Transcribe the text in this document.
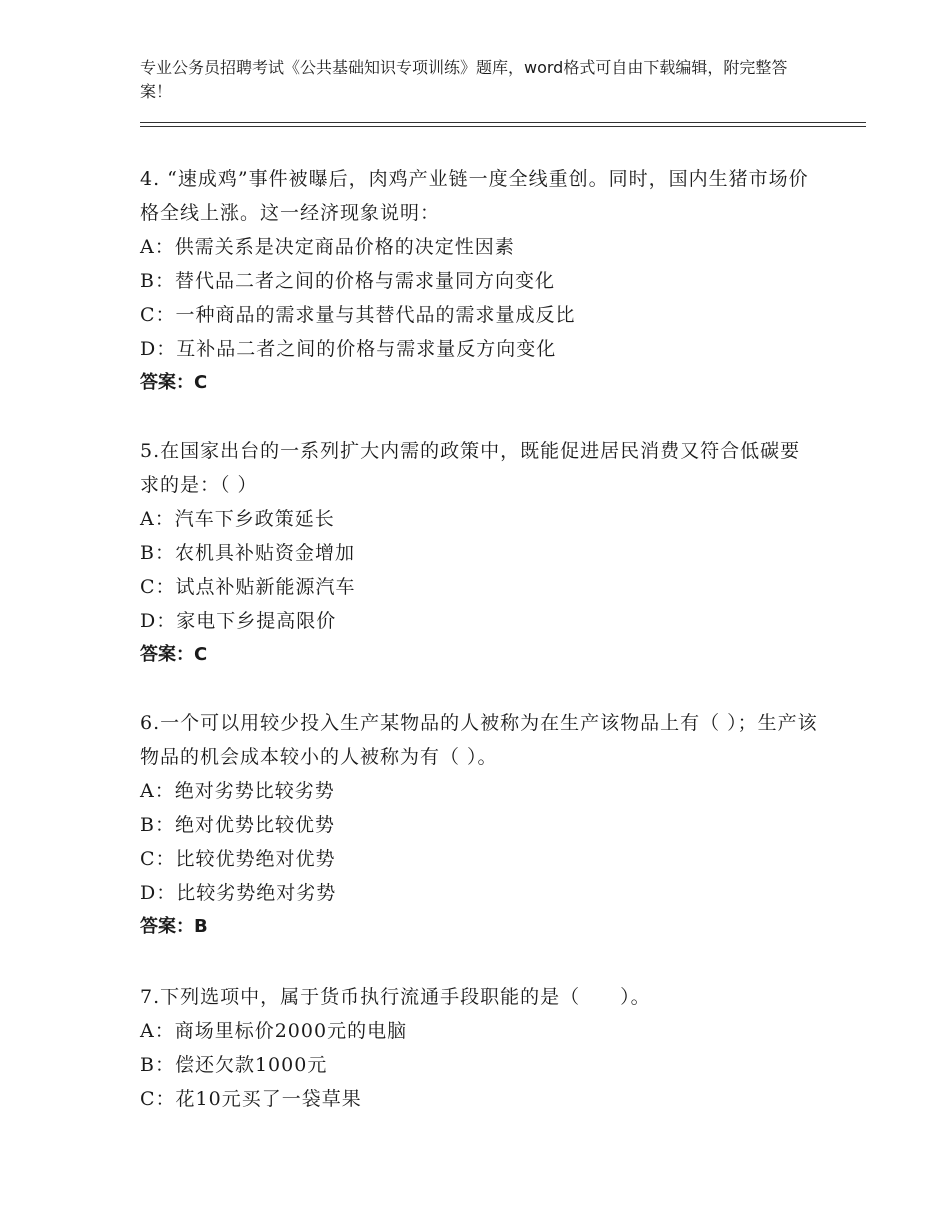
专业公务员招聘考试《公共基础知识专项训练》题库，word格式可自由下载编辑，附完整答案！
4. “速成鸡”事件被曝后，肉鸡产业链一度全线重创。同时，国内生猪市场价格全线上涨。这一经济现象说明：
A：供需关系是决定商品价格的决定性因素
B：替代品二者之间的价格与需求量同方向变化
C：一种商品的需求量与其替代品的需求量成反比
D：互补品二者之间的价格与需求量反方向变化
答案：C
5.在国家出台的一系列扩大内需的政策中，既能促进居民消费又符合低碳要求的是：（ ）
A：汽车下乡政策延长
B：农机具补贴资金增加
C：试点补贴新能源汽车
D：家电下乡提高限价
答案：C
6.一个可以用较少投入生产某物品的人被称为在生产该物品上有（ ）；生产该物品的机会成本较小的人被称为有（ ）。
A：绝对劣势比较劣势
B：绝对优势比较优势
C：比较优势绝对优势
D：比较劣势绝对劣势
答案：B
7.下列选项中，属于货币执行流通手段职能的是（　　）。
A：商场里标价2000元的电脑
B：偿还欠款1000元
C：花10元买了一袋草果
